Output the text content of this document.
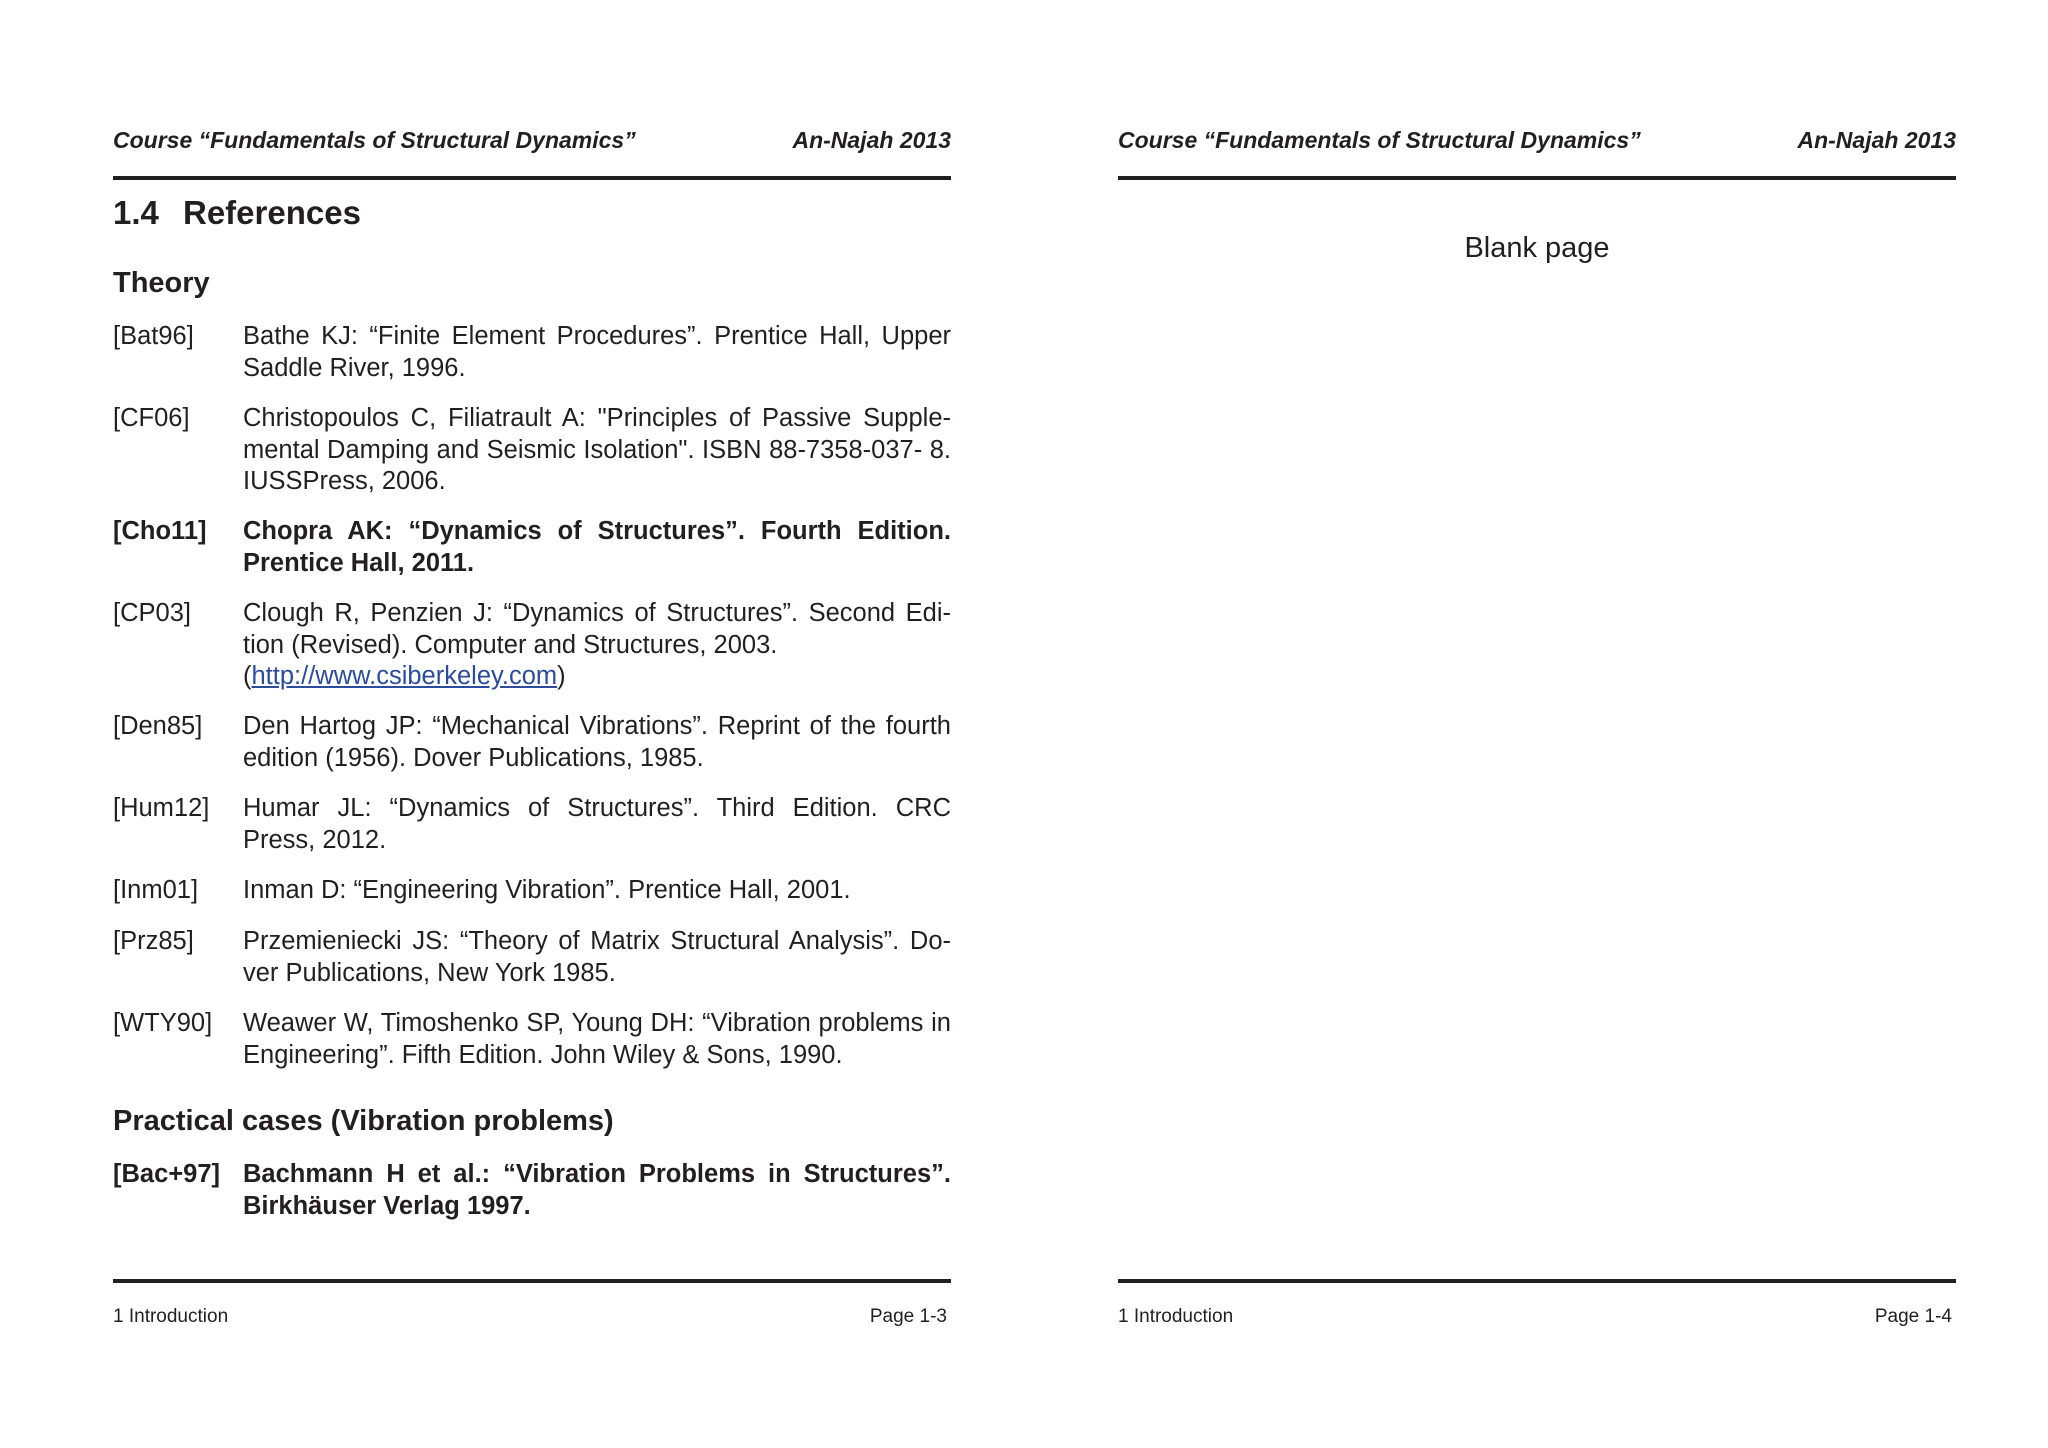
Course “Fundamentals of Structural Dynamics”	An-Najah 2013
1.4 References
Theory
[Bat96] Bathe KJ: “Finite Element Procedures”. Prentice Hall, Upper Saddle River, 1996.
[CF06] Christopoulos C, Filiatrault A: "Principles of Passive Supple- mental Damping and Seismic Isolation". ISBN 88-7358-037- 8. IUSSPress, 2006.
[Cho11] Chopra AK: “Dynamics of Structures”. Fourth Edition. Prentice Hall, 2011.
[CP03] Clough R, Penzien J: “Dynamics of Structures”. Second Edi- tion (Revised). Computer and Structures, 2003.
(http://www.csiberkeley.com)
[Den85] Den Hartog JP: “Mechanical Vibrations”. Reprint of the fourth edition (1956). Dover Publications, 1985.
[Hum12] Humar JL: “Dynamics of Structures”. Third Edition. CRC Press, 2012.
[Inm01] Inman D: “Engineering Vibration”. Prentice Hall, 2001.
[Prz85] Przemieniecki JS: “Theory of Matrix Structural Analysis”. Do- ver Publications, New York 1985.
[WTY90] Weawer W, Timoshenko SP, Young DH: “Vibration problems in Engineering”. Fifth Edition. John Wiley & Sons, 1990.
Practical cases (Vibration problems)
[Bac+97] Bachmann H et al.: “Vibration Problems in Structures”. Birkhäuser Verlag 1997.
1 Introduction	Page 1-3
Course “Fundamentals of Structural Dynamics”	An-Najah 2013
Blank page
1 Introduction	Page 1-4
